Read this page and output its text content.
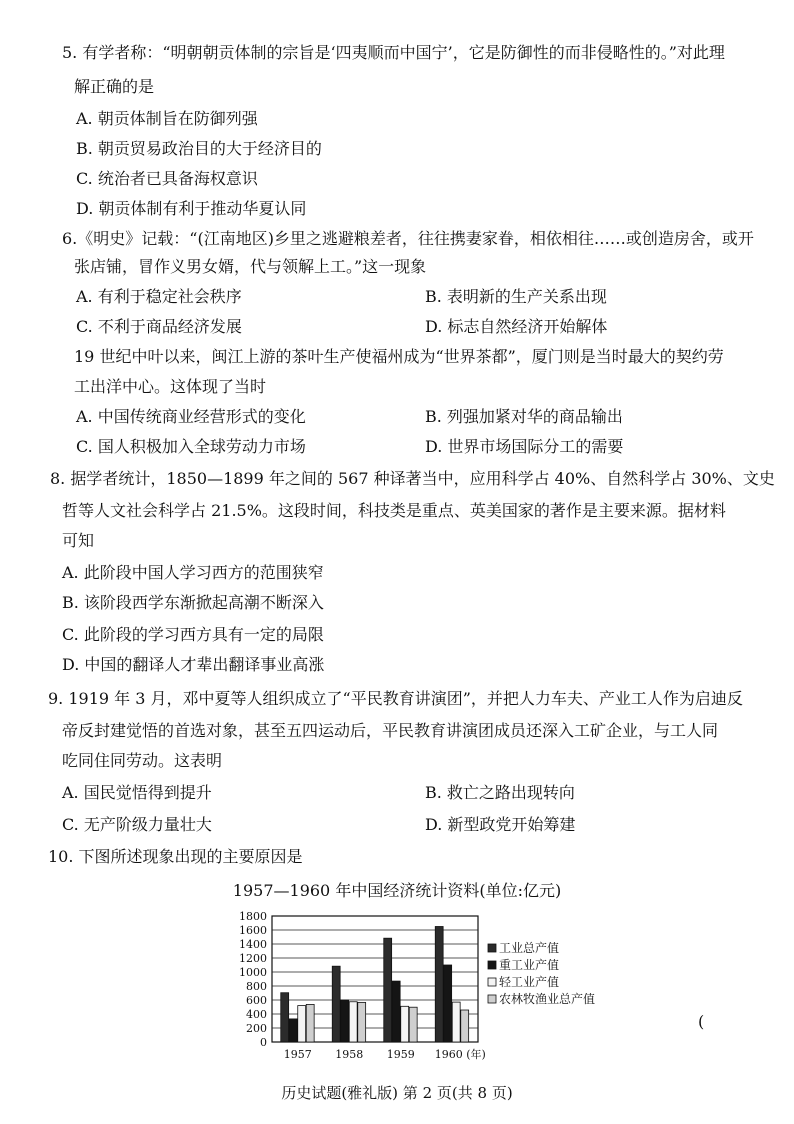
5. 有学者称：“明朝朝贡体制的宗旨是‘四夷顺而中国宁’，它是防御性的而非侵略性的。”对此理
解正确的是
A. 朝贡体制旨在防御列强
B. 朝贡贸易政治目的大于经济目的
C. 统治者已具备海权意识
D. 朝贡体制有利于推动华夏认同
6.《明史》记载：“(江南地区)乡里之逃避粮差者，往往携妻家眷，相依相往……或创造房舍，或开
张店铺，冒作义男女婿，代与领解上工。”这一现象
A. 有利于稳定社会秩序	B. 表明新的生产关系出现
C. 不利于商品经济发展	D. 标志自然经济开始解体
19 世纪中叶以来，闽江上游的茶叶生产使福州成为“世界茶都”，厦门则是当时最大的契约劳
工出洋中心。这体现了当时
A. 中国传统商业经营形式的变化	B. 列强加紧对华的商品输出
C. 国人积极加入全球劳动力市场	D. 世界市场国际分工的需要
8. 据学者统计，1850—1899 年之间的 567 种译著当中，应用科学占 40%、自然科学占 30%、文史
哲等人文社会科学占 21.5%。这段时间，科技类是重点、英美国家的著作是主要来源。据材料
可知
A. 此阶段中国人学习西方的范围狭窄
B. 该阶段西学东渐掀起高潮不断深入
C. 此阶段的学习西方具有一定的局限
D. 中国的翻译人才辈出翻译事业高涨
9. 1919 年 3 月，邓中夏等人组织成立了“平民教育讲演团”，并把人力车夫、产业工人作为启迪反
帝反封建觉悟的首选对象，甚至五四运动后，平民教育讲演团成员还深入工矿企业，与工人同
吃同住同劳动。这表明
A. 国民觉悟得到提升	B. 救亡之路出现转向
C. 无产阶级力量壮大	D. 新型政党开始筹建
10. 下图所述现象出现的主要原因是
1957—1960 年中国经济统计资料(单位:亿元)
0
200
400
600
800
1000
1200
1400
1600
1800
1957 1958 1959 1960 (年)
工业总产值
重工业产值
轻工业产值
农林牧渔业总产值
(
历史试题(雅礼版) 第 2 页(共 8 页)
